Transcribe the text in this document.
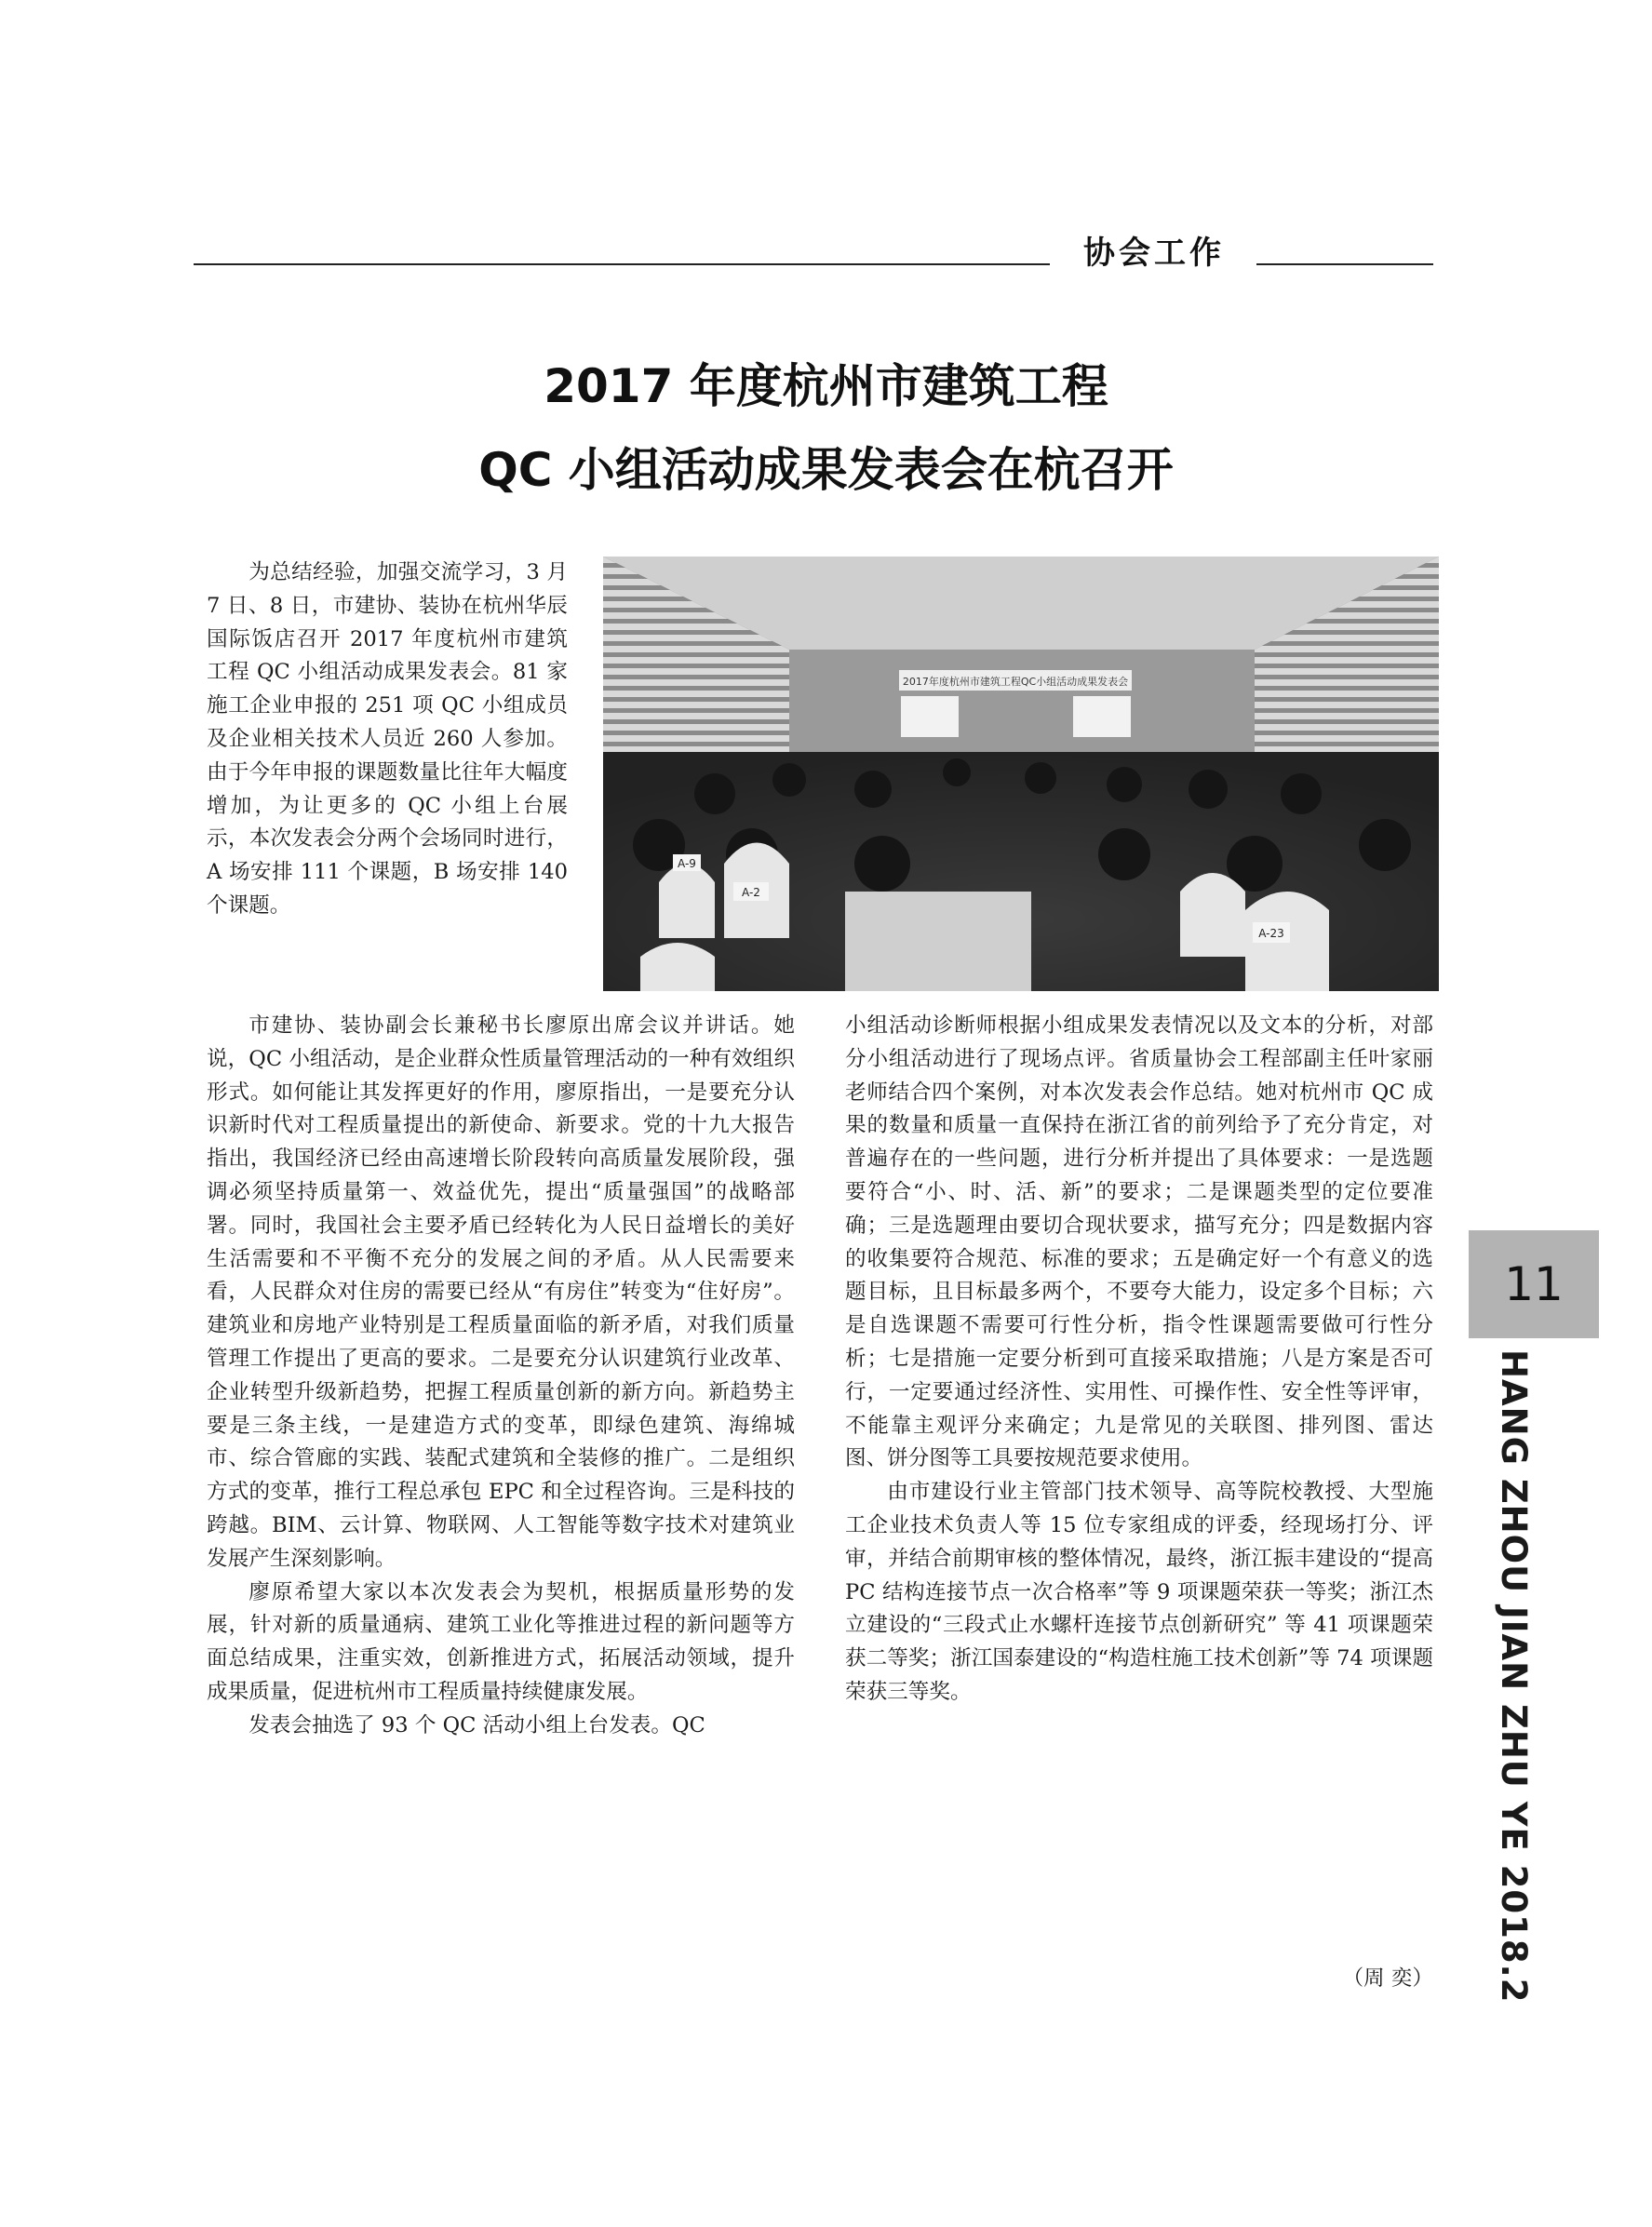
协会工作
2017 年度杭州市建筑工程
QC 小组活动成果发表会在杭召开

为总结经验，加强交流学习，3 月 7 日、8 日，市建协、装协在杭州华辰国际饭店召开 2017 年度杭州市建筑工程 QC 小组活动成果发表会。81 家施工企业申报的 251 项 QC 小组成员及企业相关技术人员近 260 人参加。由于今年申报的课题数量比往年大幅度增加，为让更多的 QC 小组上台展示，本次发表会分两个会场同时进行，A 场安排 111 个课题，B 场安排 140 个课题。

2017年度杭州市建筑工程QC小组活动成果发表会
A-9
A-2
A-23

市建协、装协副会长兼秘书长廖原出席会议并讲话。她说，QC 小组活动，是企业群众性质量管理活动的一种有效组织形式。如何能让其发挥更好的作用，廖原指出，一是要充分认识新时代对工程质量提出的新使命、新要求。党的十九大报告指出，我国经济已经由高速增长阶段转向高质量发展阶段，强调必须坚持质量第一、效益优先，提出“质量强国”的战略部署。同时，我国社会主要矛盾已经转化为人民日益增长的美好生活需要和不平衡不充分的发展之间的矛盾。从人民需要来看，人民群众对住房的需要已经从“有房住”转变为“住好房”。建筑业和房地产业特别是工程质量面临的新矛盾，对我们质量管理工作提出了更高的要求。二是要充分认识建筑行业改革、企业转型升级新趋势，把握工程质量创新的新方向。新趋势主要是三条主线，一是建造方式的变革，即绿色建筑、海绵城市、综合管廊的实践、装配式建筑和全装修的推广。二是组织方式的变革，推行工程总承包 EPC 和全过程咨询。三是科技的跨越。BIM、云计算、物联网、人工智能等数字技术对建筑业发展产生深刻影响。

廖原希望大家以本次发表会为契机，根据质量形势的发展，针对新的质量通病、建筑工业化等推进过程的新问题等方面总结成果，注重实效，创新推进方式，拓展活动领域，提升成果质量，促进杭州市工程质量持续健康发展。

发表会抽选了 93 个 QC 活动小组上台发表。QC

小组活动诊断师根据小组成果发表情况以及文本的分析，对部分小组活动进行了现场点评。省质量协会工程部副主任叶家丽老师结合四个案例，对本次发表会作总结。她对杭州市 QC 成果的数量和质量一直保持在浙江省的前列给予了充分肯定，对普遍存在的一些问题，进行分析并提出了具体要求：一是选题要符合“小、时、活、新”的要求；二是课题类型的定位要准确；三是选题理由要切合现状要求，描写充分；四是数据内容的收集要符合规范、标准的要求；五是确定好一个有意义的选题目标，且目标最多两个，不要夸大能力，设定多个目标；六是自选课题不需要可行性分析，指令性课题需要做可行性分析；七是措施一定要分析到可直接采取措施；八是方案是否可行，一定要通过经济性、实用性、可操作性、安全性等评审，不能靠主观评分来确定；九是常见的关联图、排列图、雷达图、饼分图等工具要按规范要求使用。

由市建设行业主管部门技术领导、高等院校教授、大型施工企业技术负责人等 15 位专家组成的评委，经现场打分、评审，并结合前期审核的整体情况，最终，浙江振丰建设的“提高 PC 结构连接节点一次合格率”等 9 项课题荣获一等奖；浙江杰立建设的“三段式止水螺杆连接节点创新研究” 等 41 项课题荣获二等奖；浙江国泰建设的“构造柱施工技术创新”等 74 项课题荣获三等奖。

（周 奕）
11
HANG ZHOU JIAN ZHU YE 2018.2
